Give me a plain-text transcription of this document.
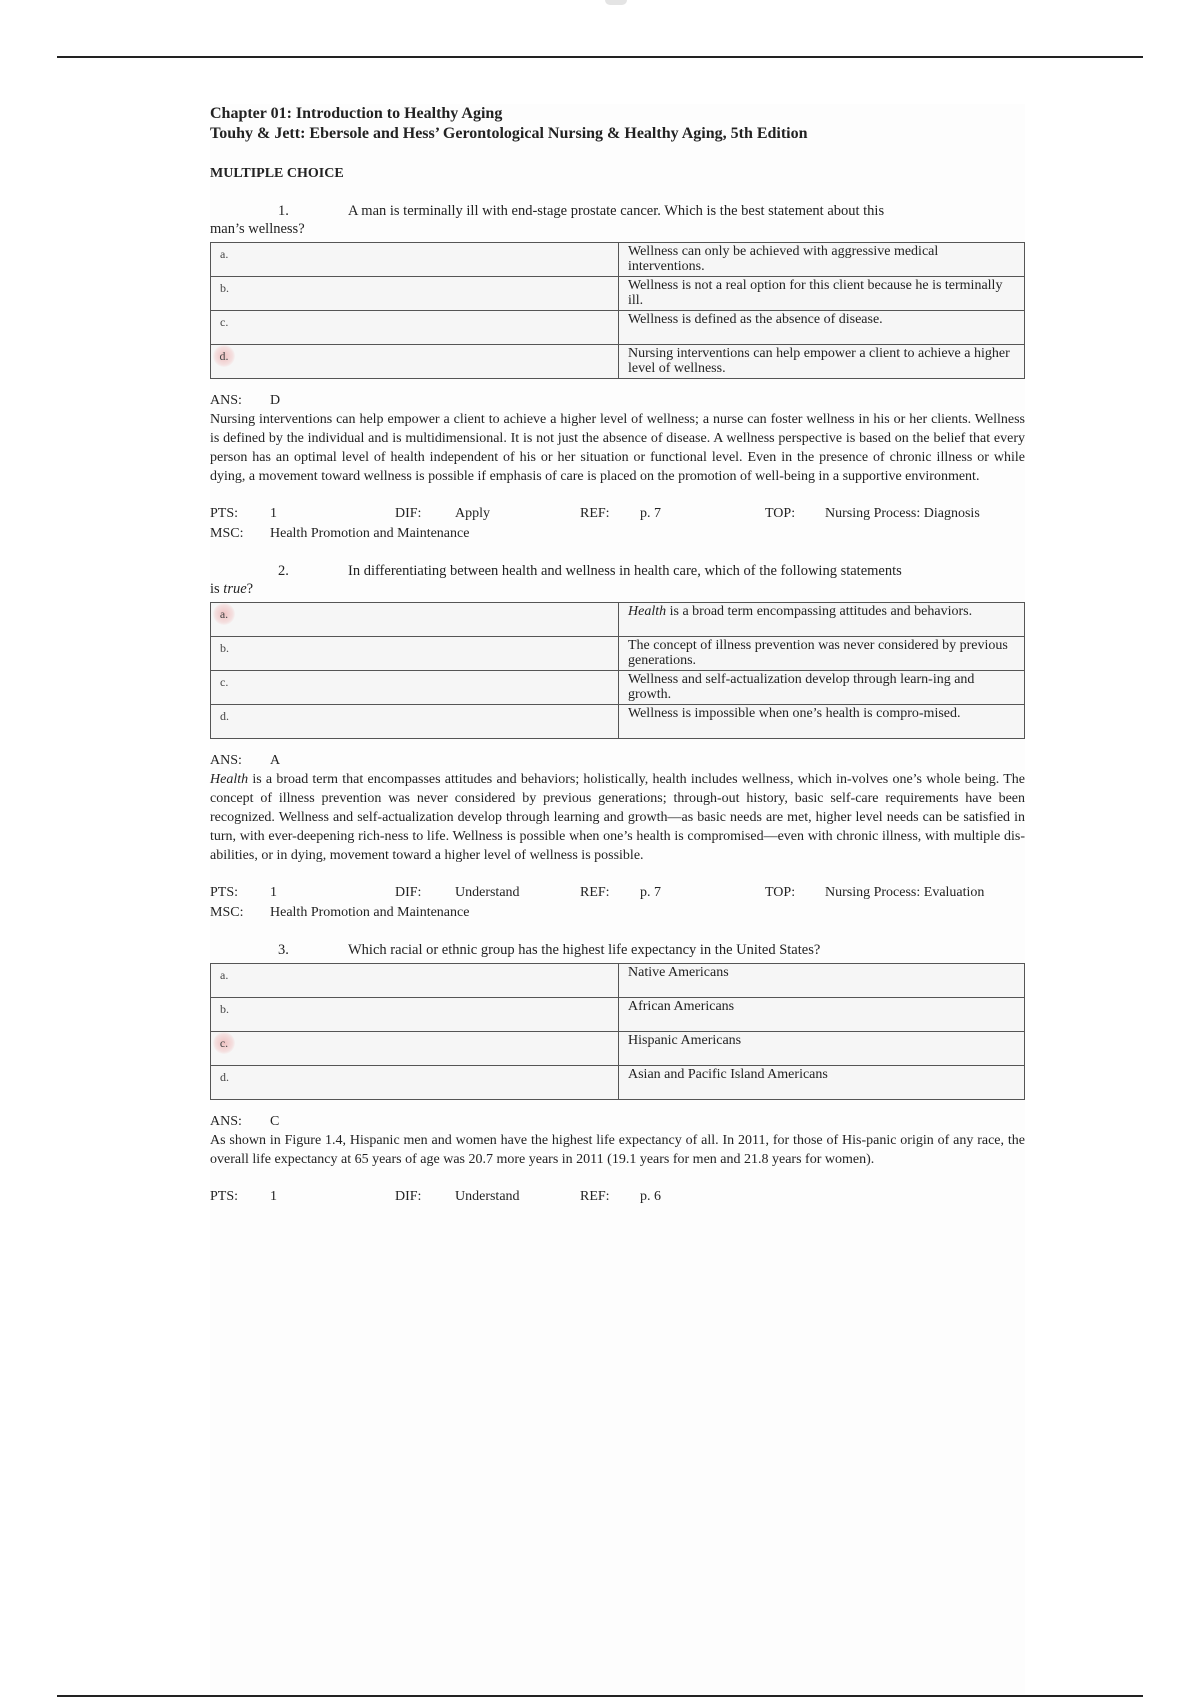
Chapter 01: Introduction to Healthy Aging
Touhy & Jett: Ebersole and Hess’ Gerontological Nursing & Healthy Aging, 5th Edition
MULTIPLE CHOICE
1.	A man is terminally ill with end-stage prostate cancer. Which is the best statement about this
man’s wellness?
a.	Wellness can only be achieved with aggressive medical interventions.
b.	Wellness is not a real option for this client because he is terminally ill.
c.	Wellness is defined as the absence of disease.
d.	Nursing interventions can help empower a client to achieve a higher level of wellness.
ANS: D
Nursing interventions can help empower a client to achieve a higher level of wellness; a nurse can foster wellness in his or her clients. Wellness is defined by the individual and is multidimensional. It is not just the absence of disease. A wellness perspective is based on the belief that every person has an optimal level of health independent of his or her situation or functional level. Even in the presence of chronic illness or while dying, a movement toward wellness is possible if emphasis of care is placed on the promotion of well-being in a supportive environment.
PTS: 1	DIF: Apply	REF: p. 7	TOP: Nursing Process: Diagnosis
MSC: Health Promotion and Maintenance
2.	In differentiating between health and wellness in health care, which of the following statements
is true?
a.	Health is a broad term encompassing attitudes and behaviors.
b.	The concept of illness prevention was never considered by previous generations.
c.	Wellness and self-actualization develop through learn-ing and growth.
d.	Wellness is impossible when one’s health is compro-mised.
ANS: A
Health is a broad term that encompasses attitudes and behaviors; holistically, health includes wellness, which in-volves one’s whole being. The concept of illness prevention was never considered by previous generations; through-out history, basic self-care requirements have been recognized. Wellness and self-actualization develop through learning and growth—as basic needs are met, higher level needs can be satisfied in turn, with ever-deepening rich-ness to life. Wellness is possible when one’s health is compromised—even with chronic illness, with multiple dis-abilities, or in dying, movement toward a higher level of wellness is possible.
PTS: 1	DIF: Understand	REF: p. 7	TOP: Nursing Process: Evaluation
MSC: Health Promotion and Maintenance
3.	Which racial or ethnic group has the highest life expectancy in the United States?
a.	Native Americans
b.	African Americans
c.	Hispanic Americans
d.	Asian and Pacific Island Americans
ANS: C
As shown in Figure 1.4, Hispanic men and women have the highest life expectancy of all. In 2011, for those of His-panic origin of any race, the overall life expectancy at 65 years of age was 20.7 more years in 2011 (19.1 years for men and 21.8 years for women).
PTS: 1	DIF: Understand	REF: p. 6
